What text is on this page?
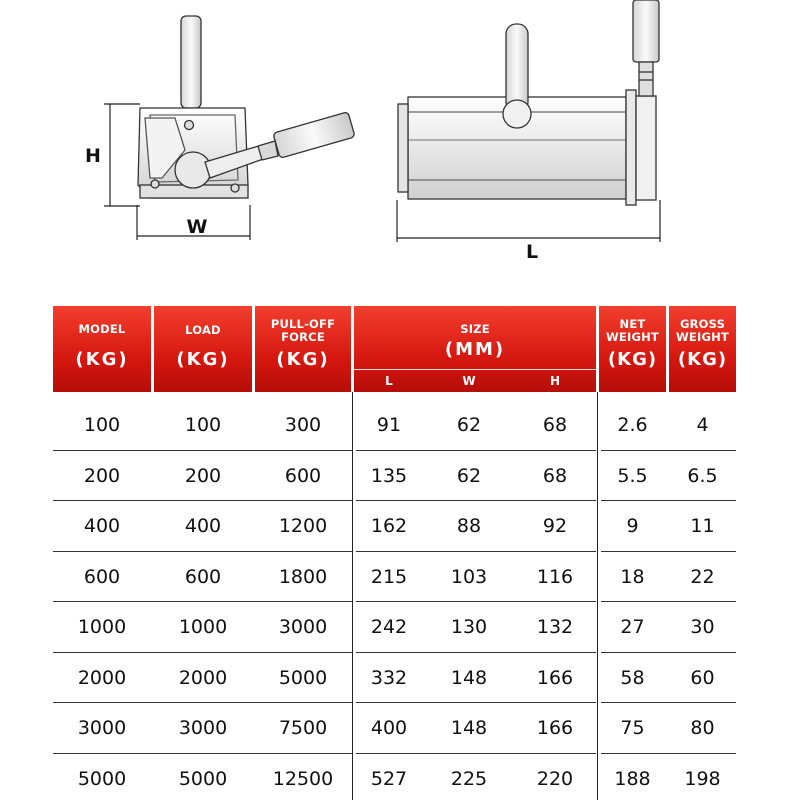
H
W
L
MODEL
(KG)
LOAD
(KG)
PULL-OFF
FORCE
(KG)
SIZE
(MM)
L	W	H
NET
WEIGHT
(KG)
GROSS
WEIGHT
(KG)
100	100	300	91	62	68	2.6	4
200	200	600	135	62	68	5.5	6.5
400	400	1200	162	88	92	9	11
600	600	1800	215	103	116	18	22
1000	1000	3000	242	130	132	27	30
2000	2000	5000	332	148	166	58	60
3000	3000	7500	400	148	166	75	80
5000	5000	12500	527	225	220	188	198
